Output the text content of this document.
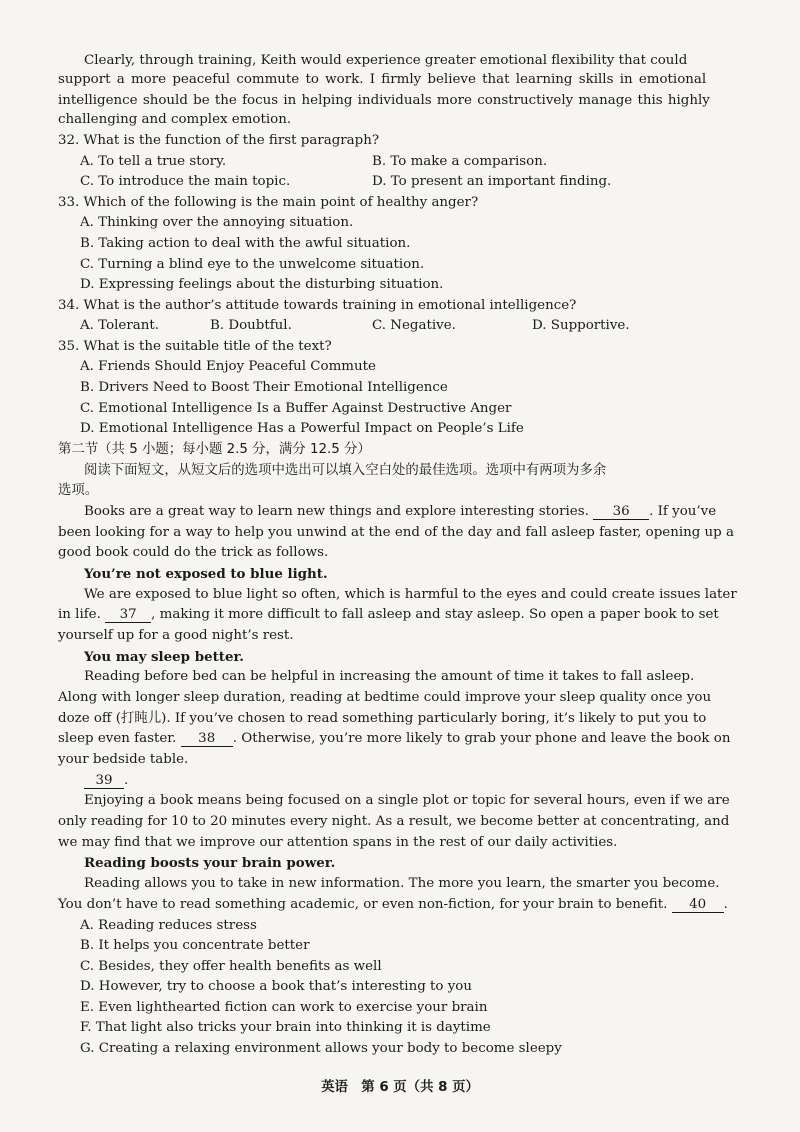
Clearly, through training, Keith would experience greater emotional flexibility that could
support a more peaceful commute to work. I firmly believe that learning skills in emotional
intelligence should be the focus in helping individuals more constructively manage this highly
challenging and complex emotion.
32. What is the function of the first paragraph?
A. To tell a true story.	B. To make a comparison.
C. To introduce the main topic.	D. To present an important finding.
33. Which of the following is the main point of healthy anger?
A. Thinking over the annoying situation.
B. Taking action to deal with the awful situation.
C. Turning a blind eye to the unwelcome situation.
D. Expressing feelings about the disturbing situation.
34. What is the author’s attitude towards training in emotional intelligence?
A. Tolerant.	B. Doubtful.	C. Negative.	D. Supportive.
35. What is the suitable title of the text?
A. Friends Should Enjoy Peaceful Commute
B. Drivers Need to Boost Their Emotional Intelligence
C. Emotional Intelligence Is a Buffer Against Destructive Anger
D. Emotional Intelligence Has a Powerful Impact on People’s Life
第二节（共 5 小题；每小题 2.5 分，满分 12.5 分）
阅读下面短文，从短文后的选项中选出可以填入空白处的最佳选项。选项中有两项为多余
选项。
Books are a great way to learn new things and explore interesting stories. 36 . If you’ve
been looking for a way to help you unwind at the end of the day and fall asleep faster, opening up a
good book could do the trick as follows.
You’re not exposed to blue light.
We are exposed to blue light so often, which is harmful to the eyes and could create issues later
in life. 37 , making it more difficult to fall asleep and stay asleep. So open a paper book to set
yourself up for a good night’s rest.
You may sleep better.
Reading before bed can be helpful in increasing the amount of time it takes to fall asleep.
Along with longer sleep duration, reading at bedtime could improve your sleep quality once you
doze off (打盹儿). If you’ve chosen to read something particularly boring, it’s likely to put you to
sleep even faster. 38 . Otherwise, you’re more likely to grab your phone and leave the book on
your bedside table.
39 .
Enjoying a book means being focused on a single plot or topic for several hours, even if we are
only reading for 10 to 20 minutes every night. As a result, we become better at concentrating, and
we may find that we improve our attention spans in the rest of our daily activities.
Reading boosts your brain power.
Reading allows you to take in new information. The more you learn, the smarter you become.
You don’t have to read something academic, or even non-fiction, for your brain to benefit. 40 .
A. Reading reduces stress
B. It helps you concentrate better
C. Besides, they offer health benefits as well
D. However, try to choose a book that’s interesting to you
E. Even lighthearted fiction can work to exercise your brain
F. That light also tricks your brain into thinking it is daytime
G. Creating a relaxing environment allows your body to become sleepy
英语　第 6 页（共 8 页）
